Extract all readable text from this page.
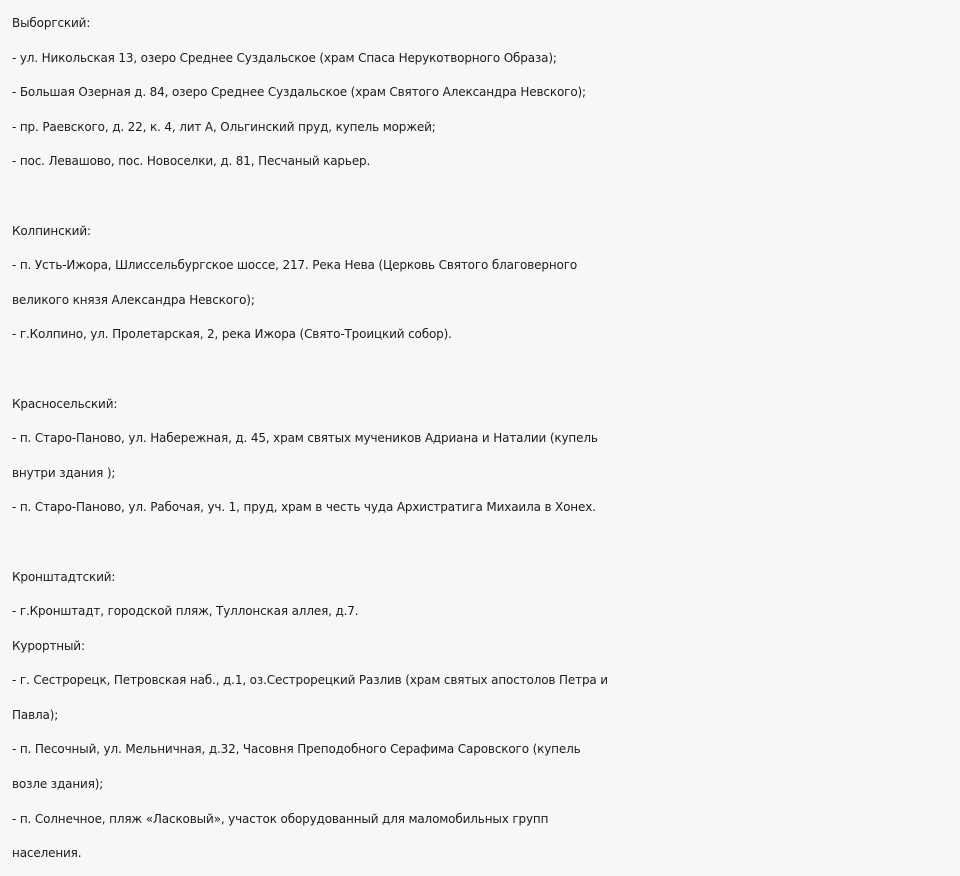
Выборгский:
- ул. Никольская 13, озеро Среднее Суздальское (храм Спаса Нерукотворного Образа);
- Большая Озерная д. 84, озеро Среднее Суздальское (храм Святого Александра Невского);
- пр. Раевского, д. 22, к. 4, лит А, Ольгинский пруд, купель моржей;
- пос. Левашово, пос. Новоселки, д. 81, Песчаный карьер.
Колпинский:
- п. Усть-Ижора, Шлиссельбургское шоссе, 217. Река Нева (Церковь Святого благоверного
великого князя Александра Невского);
- г.Колпино, ул. Пролетарская, 2, река Ижора (Свято-Троицкий собор).
Красносельский:
- п. Старо-Паново, ул. Набережная, д. 45, храм святых мучеников Адриана и Наталии (купель
внутри здания );
- п. Старо-Паново, ул. Рабочая, уч. 1, пруд, храм в честь чуда Архистратига Михаила в Хонех.
Кронштадтский:
- г.Кронштадт, городской пляж, Туллонская аллея, д.7.
Курортный:
- г. Сестрорецк, Петровская наб., д.1, оз.Сестрорецкий Разлив (храм святых апостолов Петра и
Павла);
- п. Песочный, ул. Мельничная, д.32, Часовня Преподобного Серафима Саровского (купель
возле здания);
- п. Солнечное, пляж «Ласковый», участок оборудованный для маломобильных групп
населения.
